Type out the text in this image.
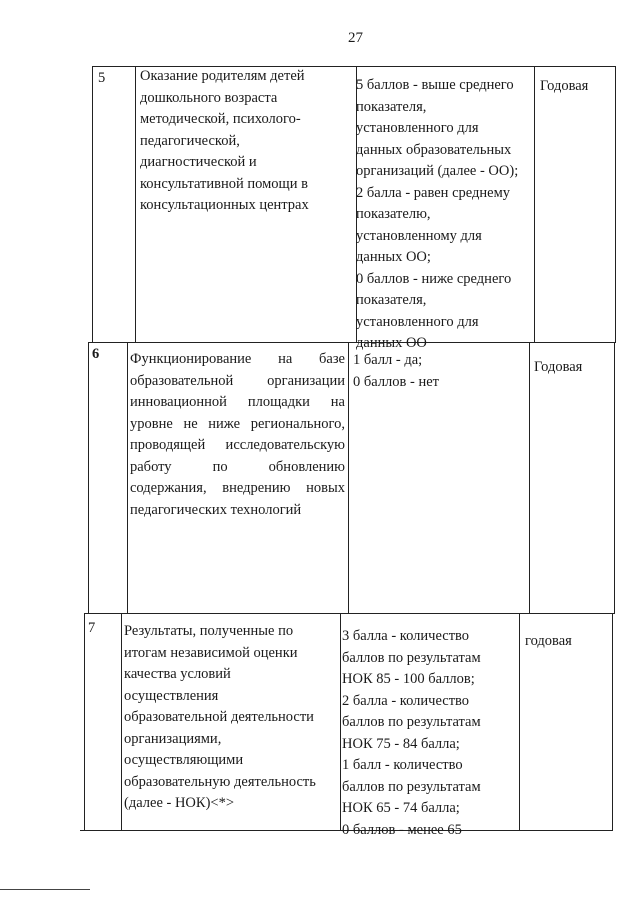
27
5 Оказание родителям детей
дошкольного возраста
методической, психолого-
педагогической,
диагностической и
консультативной помощи в
консультационных центрах
5 баллов - выше среднего
показателя,
установленного для
данных образовательных
организаций (далее - ОО);
2 балла - равен среднему
показателю,
установленному для
данных ОО;
0 баллов - ниже среднего
показателя,
установленного для
данных ОО
Годовая
6 Функционирование на базе образовательной организации инновационной площадки на уровне не ниже регионального, проводящей исследовательскую работу по обновлению содержания, внедрению новых педагогических технологий
1 балл - да;
0 баллов - нет
Годовая
7 Результаты, полученные по
итогам независимой оценки
качества условий
осуществления
образовательной деятельности
организациями,
осуществляющими
образовательную деятельность
(далее - НОК)<*>
3 балла - количество
баллов по результатам
НОК 85 - 100 баллов;
2 балла - количество
баллов по результатам
НОК 75 - 84 балла;
1 балл - количество
баллов по результатам
НОК 65 - 74 балла;
0 баллов - менее 65
годовая
